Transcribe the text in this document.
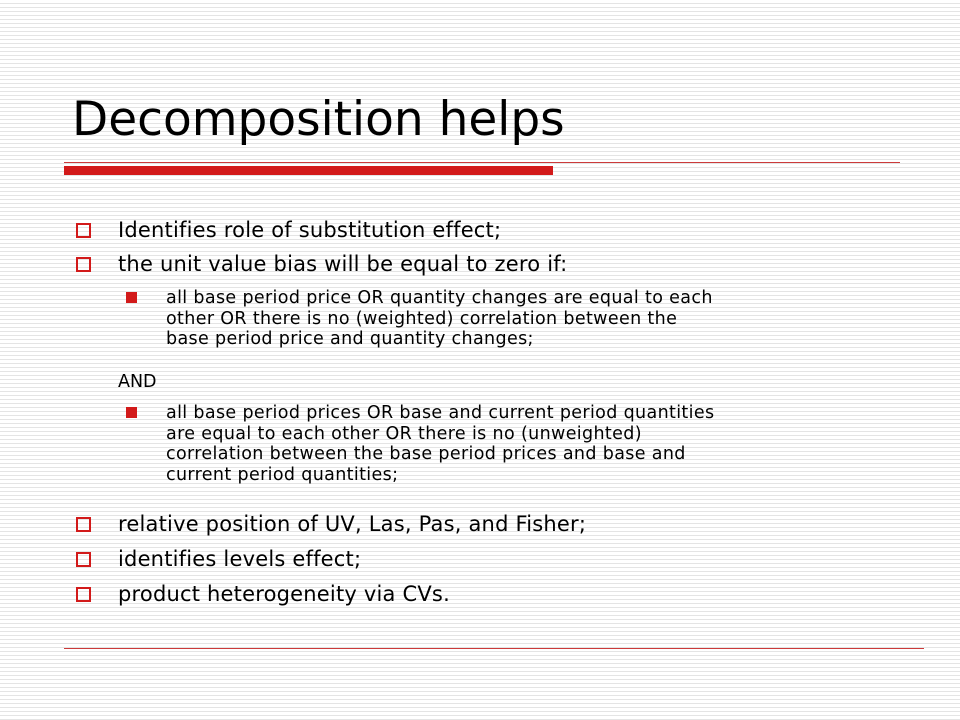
Decomposition helps
Identifies role of substitution effect;
the unit value bias will be equal to zero if:
all base period price OR quantity changes are equal to each
other OR there is no (weighted) correlation between the
base period price and quantity changes;
AND
all base period prices OR base and current period quantities
are equal to each other OR there is no (unweighted)
correlation between the base period prices and base and
current period quantities;
relative position of UV, Las, Pas, and Fisher;
identifies levels effect;
product heterogeneity via CVs.
